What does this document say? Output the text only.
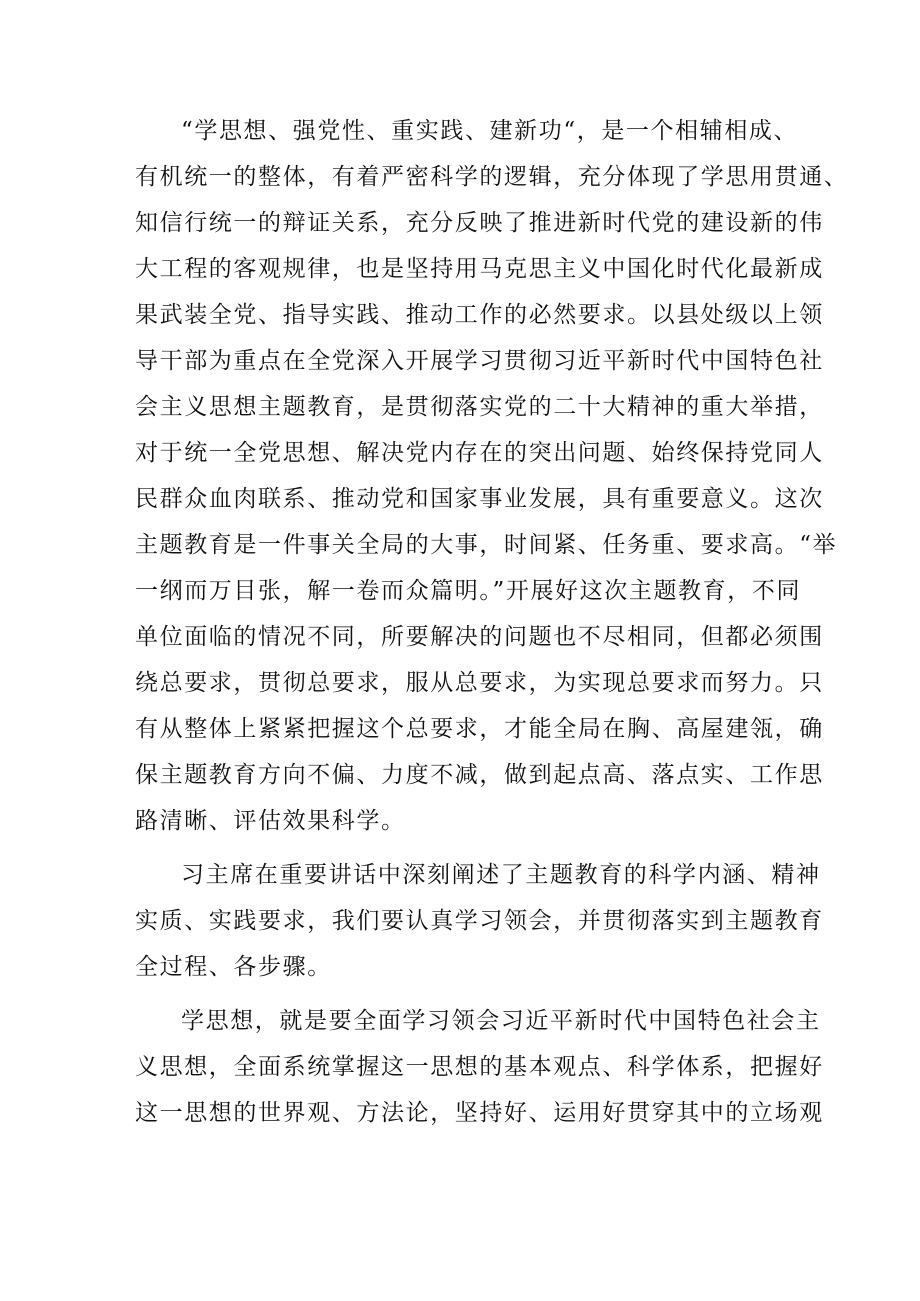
“学思想、强党性、重实践、建新功“，是一个相辅相成、
有机统一的整体，有着严密科学的逻辑，充分体现了学思用贯通、
知信行统一的辩证关系，充分反映了推进新时代党的建设新的伟
大工程的客观规律，也是坚持用马克思主义中国化时代化最新成
果武装全党、指导实践、推动工作的必然要求。以县处级以上领
导干部为重点在全党深入开展学习贯彻习近平新时代中国特色社
会主义思想主题教育，是贯彻落实党的二十大精神的重大举措，
对于统一全党思想、解决党内存在的突出问题、始终保持党同人
民群众血肉联系、推动党和国家事业发展，具有重要意义。这次
主题教育是一件事关全局的大事，时间紧、任务重、要求高。“举
一纲而万目张，解一卷而众篇明。”开展好这次主题教育，不同
单位面临的情况不同，所要解决的问题也不尽相同，但都必须围
绕总要求，贯彻总要求，服从总要求，为实现总要求而努力。只
有从整体上紧紧把握这个总要求，才能全局在胸、高屋建瓴，确
保主题教育方向不偏、力度不减，做到起点高、落点实、工作思
路清晰、评估效果科学。
习主席在重要讲话中深刻阐述了主题教育的科学内涵、精神
实质、实践要求，我们要认真学习领会，并贯彻落实到主题教育
全过程、各步骤。
学思想，就是要全面学习领会习近平新时代中国特色社会主
义思想，全面系统掌握这一思想的基本观点、科学体系，把握好
这一思想的世界观、方法论，坚持好、运用好贯穿其中的立场观
